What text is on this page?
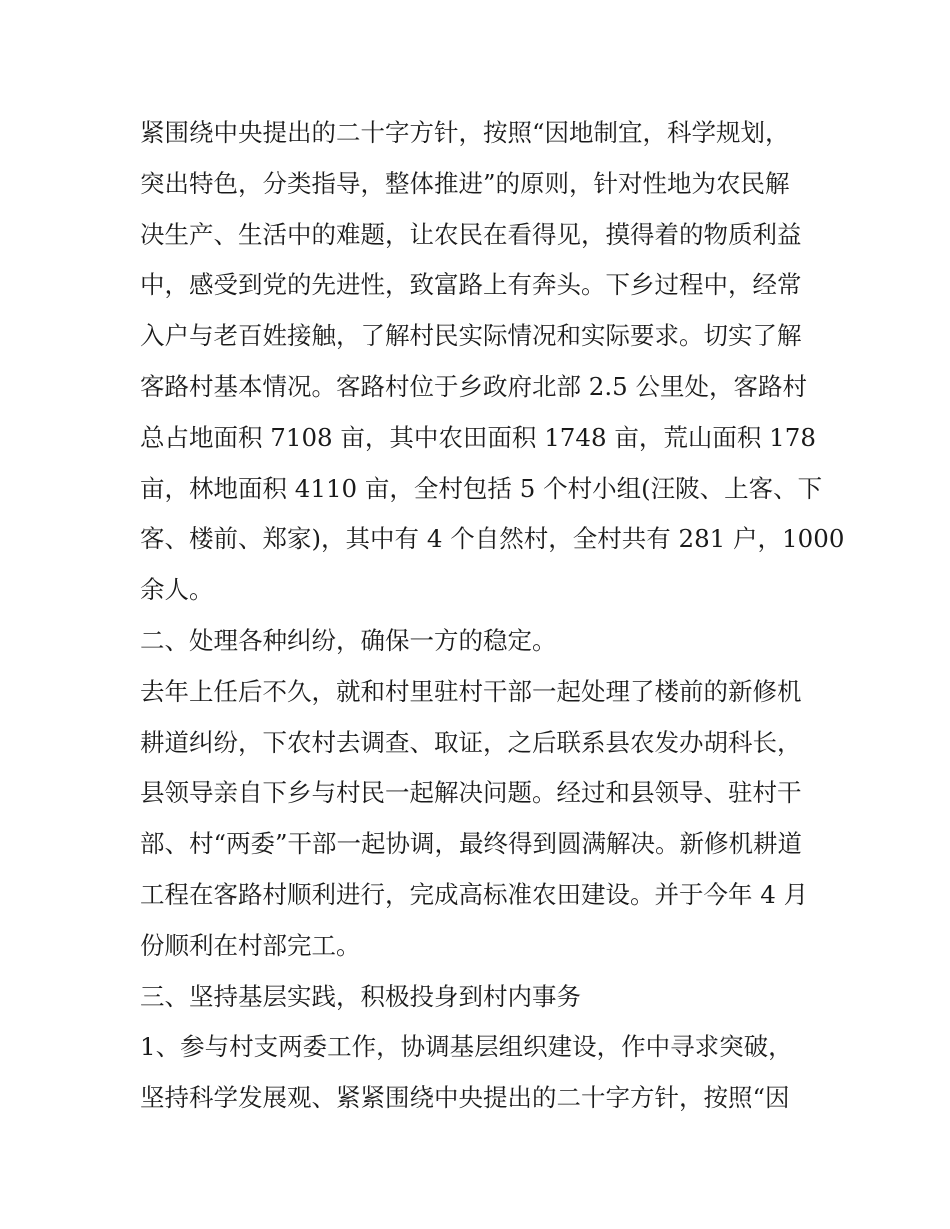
紧围绕中央提出的二十字方针，按照“因地制宜，科学规划，
突出特色，分类指导，整体推进”的原则，针对性地为农民解
决生产、生活中的难题，让农民在看得见，摸得着的物质利益
中，感受到党的先进性，致富路上有奔头。下乡过程中，经常
入户与老百姓接触，了解村民实际情况和实际要求。切实了解
客路村基本情况。客路村位于乡政府北部 2.5 公里处，客路村
总占地面积 7108 亩，其中农田面积 1748 亩，荒山面积 178
亩，林地面积 4110 亩，全村包括 5 个村小组(汪陂、上客、下
客、楼前、郑家)，其中有 4 个自然村，全村共有 281 户，1000
余人。
二、处理各种纠纷，确保一方的稳定。
去年上任后不久，就和村里驻村干部一起处理了楼前的新修机
耕道纠纷，下农村去调查、取证，之后联系县农发办胡科长，
县领导亲自下乡与村民一起解决问题。经过和县领导、驻村干
部、村“两委”干部一起协调，最终得到圆满解决。新修机耕道
工程在客路村顺利进行，完成高标准农田建设。并于今年 4 月
份顺利在村部完工。
三、坚持基层实践，积极投身到村内事务
1、参与村支两委工作，协调基层组织建设，作中寻求突破，
坚持科学发展观、紧紧围绕中央提出的二十字方针，按照“因
